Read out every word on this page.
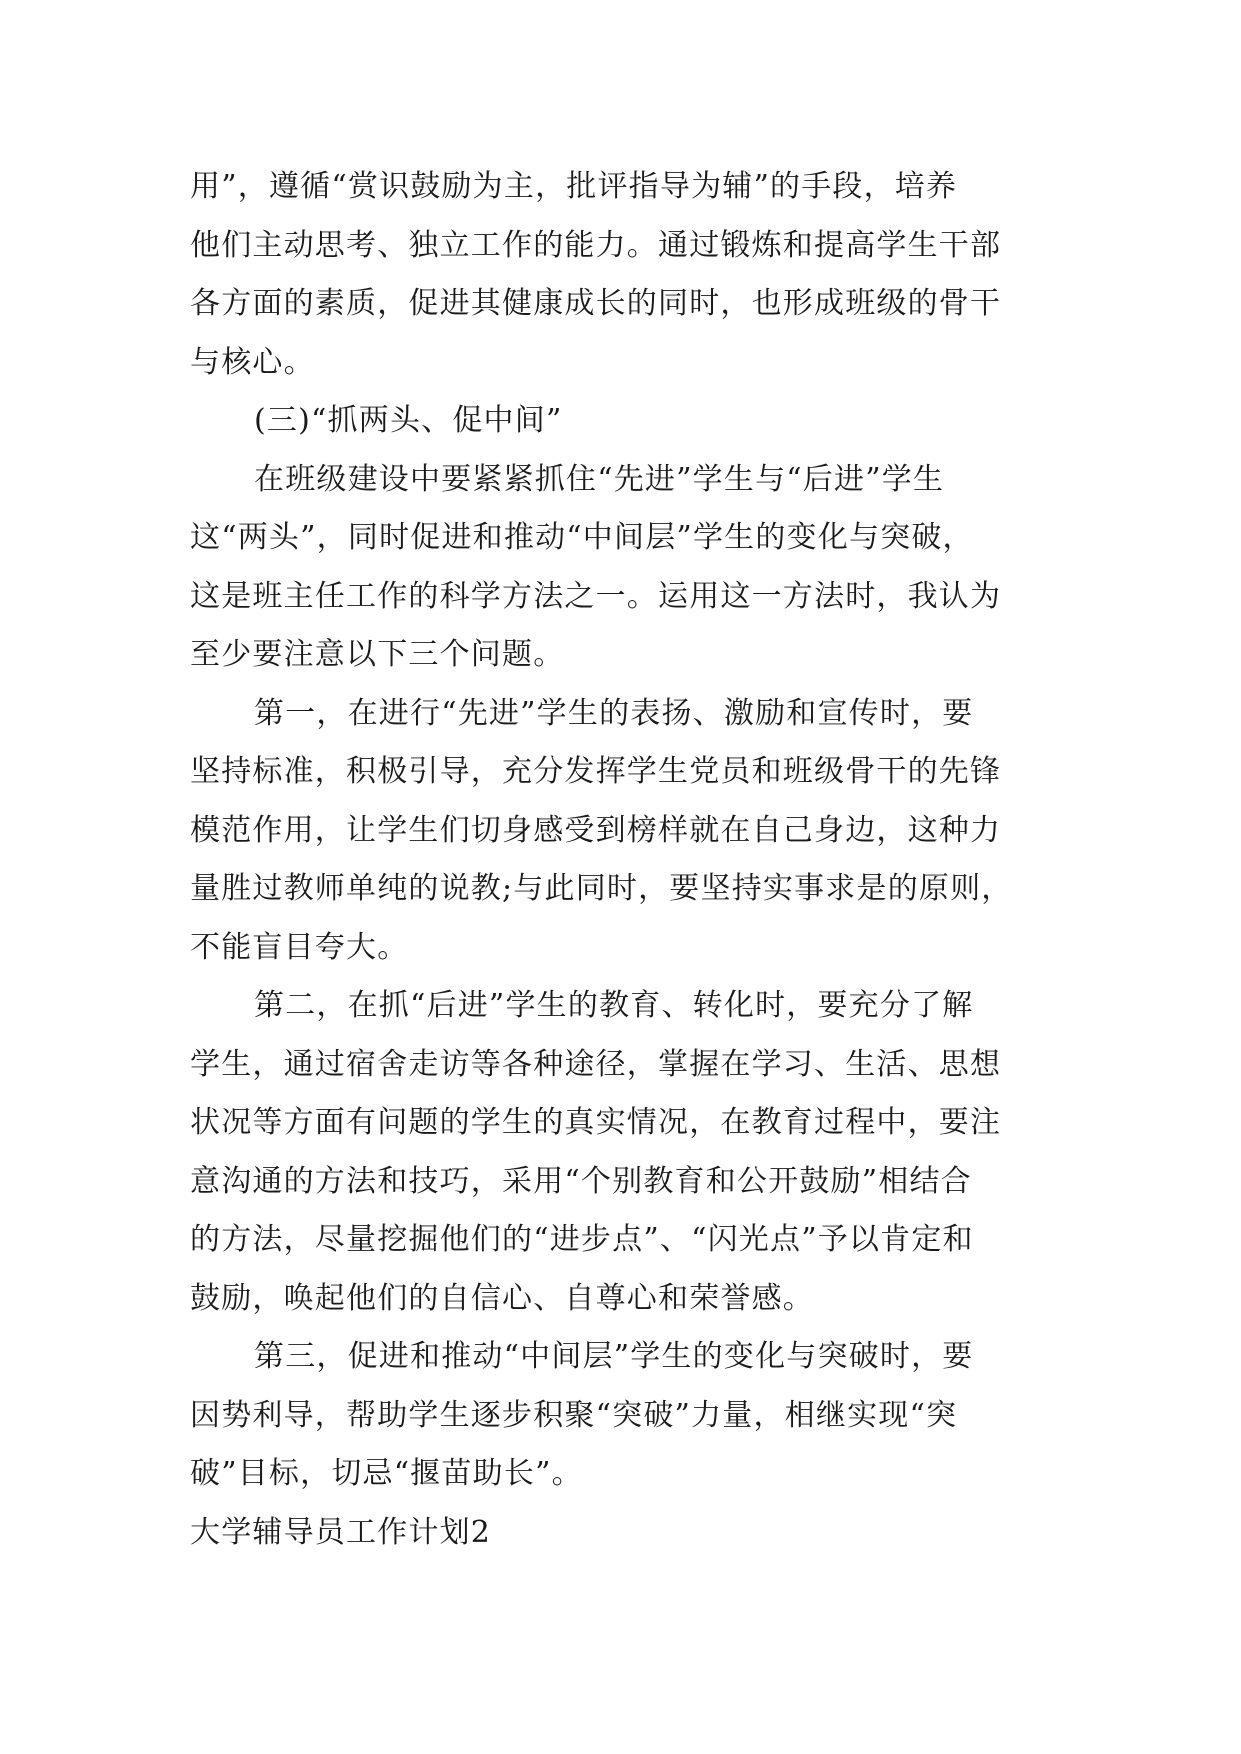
用”，遵循“赏识鼓励为主，批评指导为辅”的手段，培养
他们主动思考、独立工作的能力。通过锻炼和提高学生干部
各方面的素质，促进其健康成长的同时，也形成班级的骨干
与核心。
(三)“抓两头、促中间”
在班级建设中要紧紧抓住“先进”学生与“后进”学生
这“两头”，同时促进和推动“中间层”学生的变化与突破，
这是班主任工作的科学方法之一。运用这一方法时，我认为
至少要注意以下三个问题。
第一，在进行“先进”学生的表扬、激励和宣传时，要
坚持标准，积极引导，充分发挥学生党员和班级骨干的先锋
模范作用，让学生们切身感受到榜样就在自己身边，这种力
量胜过教师单纯的说教;与此同时，要坚持实事求是的原则，
不能盲目夸大。
第二，在抓“后进”学生的教育、转化时，要充分了解
学生，通过宿舍走访等各种途径，掌握在学习、生活、思想
状况等方面有问题的学生的真实情况，在教育过程中，要注
意沟通的方法和技巧，采用“个别教育和公开鼓励”相结合
的方法，尽量挖掘他们的“进步点”、“闪光点”予以肯定和
鼓励，唤起他们的自信心、自尊心和荣誉感。
第三，促进和推动“中间层”学生的变化与突破时，要
因势利导，帮助学生逐步积聚“突破”力量，相继实现“突
破”目标，切忌“揠苗助长”。
大学辅导员工作计划2
